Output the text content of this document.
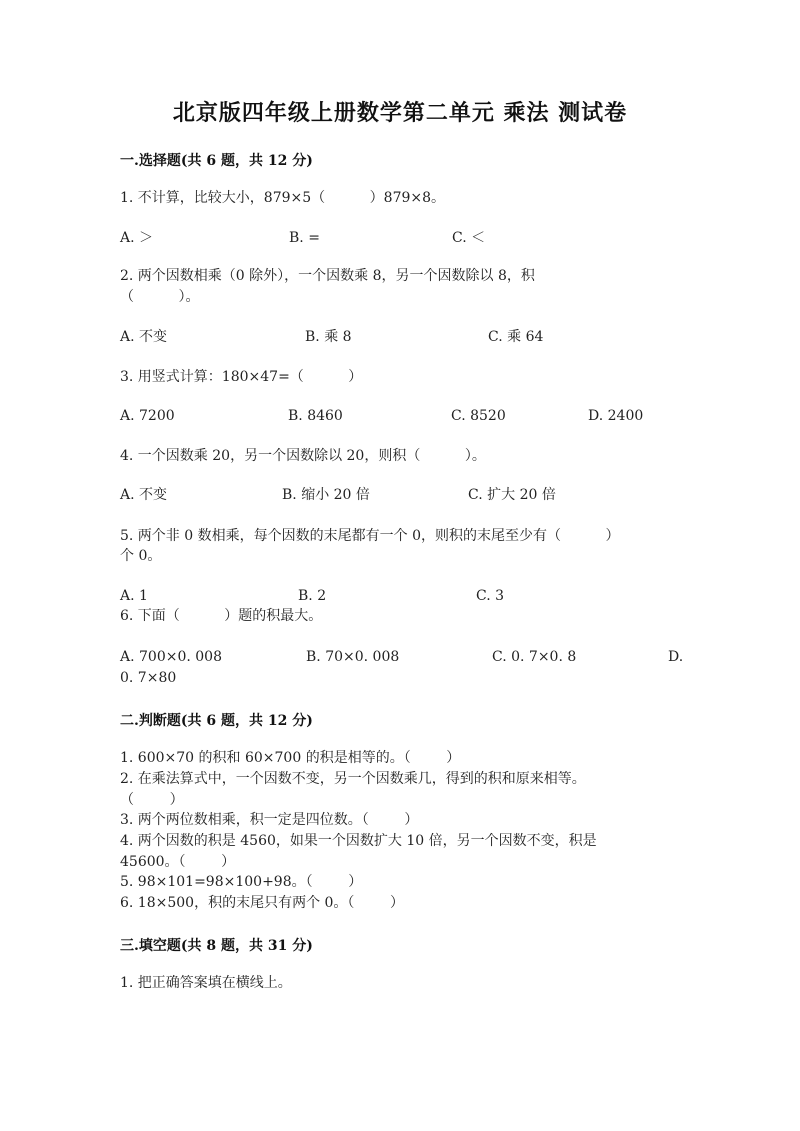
北京版四年级上册数学第二单元 乘法 测试卷
一.选择题(共 6 题，共 12 分)
1. 不计算，比较大小，879×5（          ）879×8。
A. ＞	B. =	C. ＜
2. 两个因数相乘（0 除外），一个因数乘 8，另一个因数除以 8，积
（          ）。
A. 不变	B. 乘 8	C. 乘 64
3. 用竖式计算：180×47=（          ）
A. 7200	B. 8460	C. 8520	D. 2400
4. 一个因数乘 20，另一个因数除以 20，则积（          ）。
A. 不变	B. 缩小 20 倍	C. 扩大 20 倍
5. 两个非 0 数相乘，每个因数的末尾都有一个 0，则积的末尾至少有（          ）
个 0。
A. 1	B. 2	C. 3
6. 下面（          ）题的积最大。
A. 700×0. 008	B. 70×0. 008	C. 0. 7×0. 8	D.
0. 7×80
二.判断题(共 6 题，共 12 分)
1. 600×70 的积和 60×700 的积是相等的。（        ）
2. 在乘法算式中，一个因数不变，另一个因数乘几，得到的积和原来相等。
（        ）
3. 两个两位数相乘，积一定是四位数。（        ）
4. 两个因数的积是 4560，如果一个因数扩大 10 倍，另一个因数不变，积是
45600。（        ）
5. 98×101=98×100+98。（        ）
6. 18×500，积的末尾只有两个 0。（        ）
三.填空题(共 8 题，共 31 分)
1. 把正确答案填在横线上。
